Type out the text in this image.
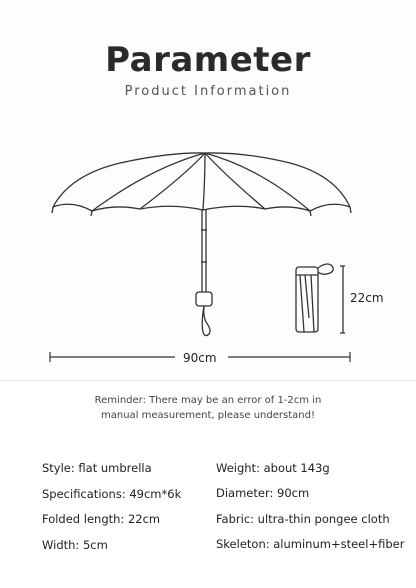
Parameter
Product Information
22cm
90cm
Reminder: There may be an error of 1-2cm in
manual measurement, please understand!
Style: flat umbrella
Specifications: 49cm*6k
Folded length: 22cm
Width: 5cm
Weight: about 143g
Diameter: 90cm
Fabric: ultra-thin pongee cloth
Skeleton: aluminum+steel+fiber
